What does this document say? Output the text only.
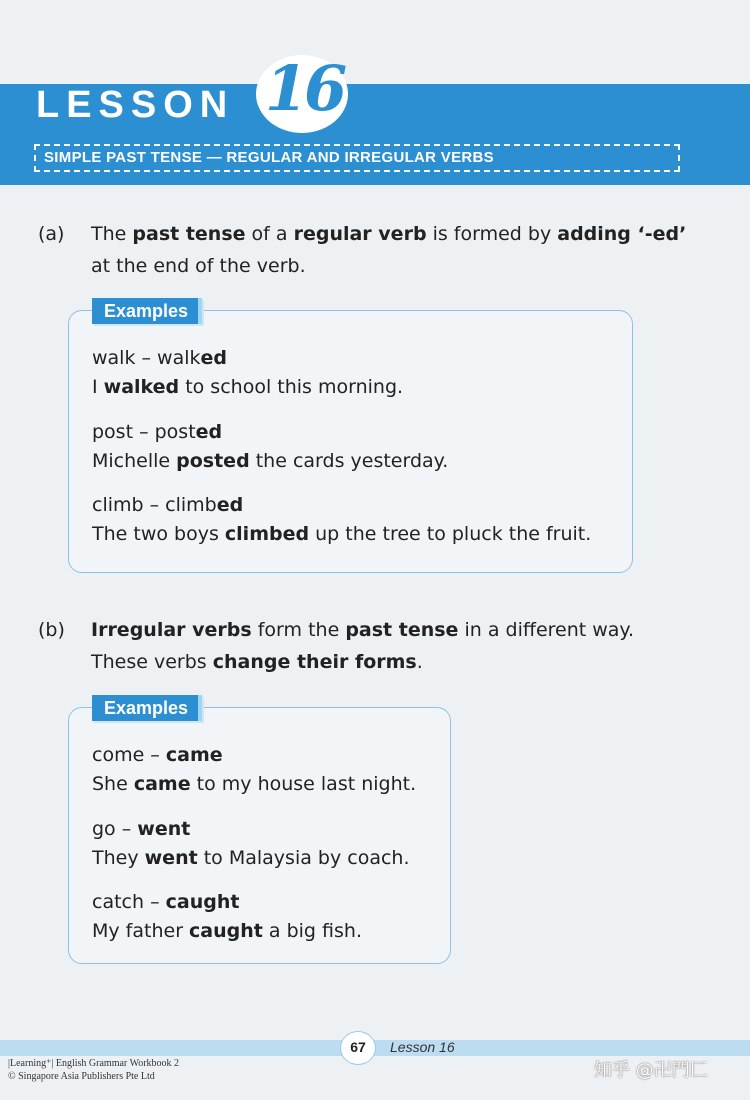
LESSON 16
SIMPLE PAST TENSE — REGULAR AND IRREGULAR VERBS
(a) The past tense of a regular verb is formed by adding ‘-ed’
at the end of the verb.
Examples
walk – walked
I walked to school this morning.
post – posted
Michelle posted the cards yesterday.
climb – climbed
The two boys climbed up the tree to pluck the fruit.
(b) Irregular verbs form the past tense in a different way.
These verbs change their forms.
Examples
come – came
She came to my house last night.
go – went
They went to Malaysia by coach.
catch – caught
My father caught a big fish.
67	Lesson 16
|Learning⁺| English Grammar Workbook 2
© Singapore Asia Publishers Pte Ltd	知乎 @卍門匚
